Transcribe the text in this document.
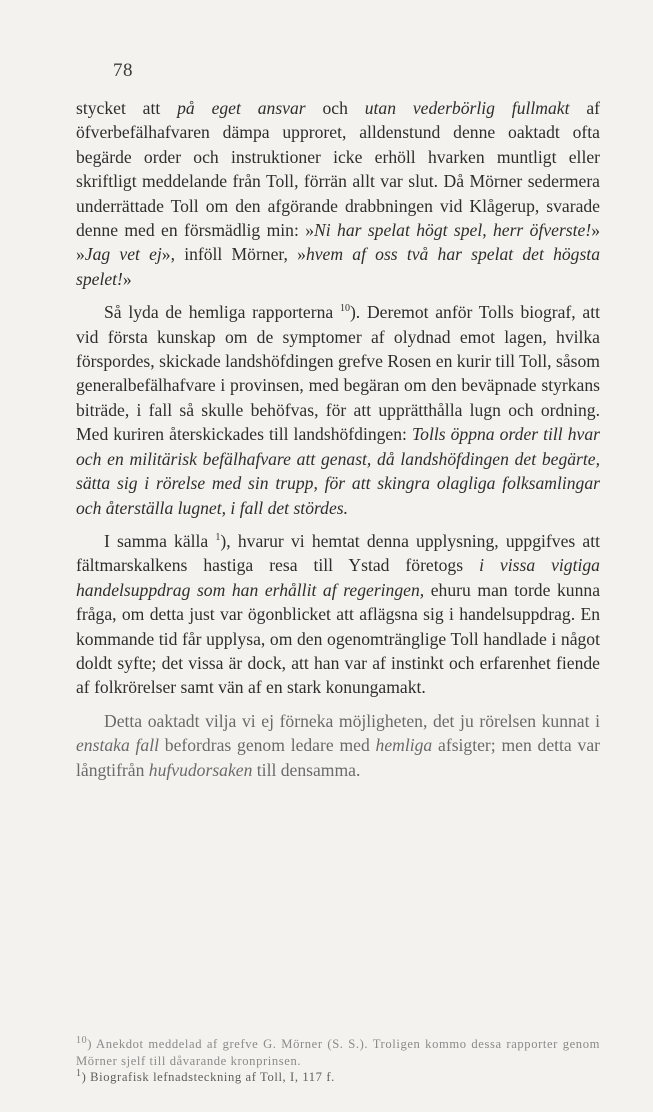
78

stycket att på eget ansvar och utan vederbörlig fullmakt af öfverbefälhafvaren dämpa upproret, alldenstund denne oaktadt ofta begärde order och instruktioner icke erhöll hvarken muntligt eller skriftligt meddelande från Toll, förrän allt var slut. Då Mörner sedermera underrättade Toll om den afgörande drabbningen vid Klågerup, svarade denne med en försmädlig min: »Ni har spelat högt spel, herr öfverste!» »Jag vet ej», inföll Mörner, »hvem af oss två har spelat det högsta spelet!»

Så lyda de hemliga rapporterna $^{10}$). Deremot anför Tolls biograf, att vid första kunskap om de symptomer af olydnad emot lagen, hvilka förspordes, skickade landshöfdingen grefve Rosen en kurir till Toll, såsom generalbefälhafvare i provinsen, med begäran om den beväpnade styrkans biträde, i fall så skulle behöfvas, för att upprätthålla lugn och ordning. Med kuriren återskickades till landshöfdingen: Tolls öppna order till hvar och en militärisk befälhafvare att genast, då landshöfdingen det begärte, sätta sig i rörelse med sin trupp, för att skingra olagliga folksamlingar och återställa lugnet, i fall det stördes.

I samma källa $^1$), hvarur vi hemtat denna upplysning, uppgifves att fältmarskalkens hastiga resa till Ystad företogs i vissa vigtiga handelsuppdrag som han erhållit af regeringen, ehuru man torde kunna fråga, om detta just var ögonblicket att aflägsna sig i handelsuppdrag. En kommande tid får upplysa, om den ogenomtränglige Toll handlade i något doldt syfte; det vissa är dock, att han var af instinkt och erfarenhet fiende af folkrörelser samt vän af en stark konungamakt.

Detta oaktadt vilja vi ej förneka möjligheten, det ju rörelsen kunnat i enstaka fall befordras genom ledare med hemliga afsigter; men detta var långtifrån hufvudorsaken till densamma.

$^{10}$) Anekdot meddelad af grefve G. Mörner (S. S.). Troligen kommo dessa rapporter genom Mörner sjelf till dåvarande kronprinsen.

$^1$) Biografisk lefnadsteckning af Toll, I, 117 f.
